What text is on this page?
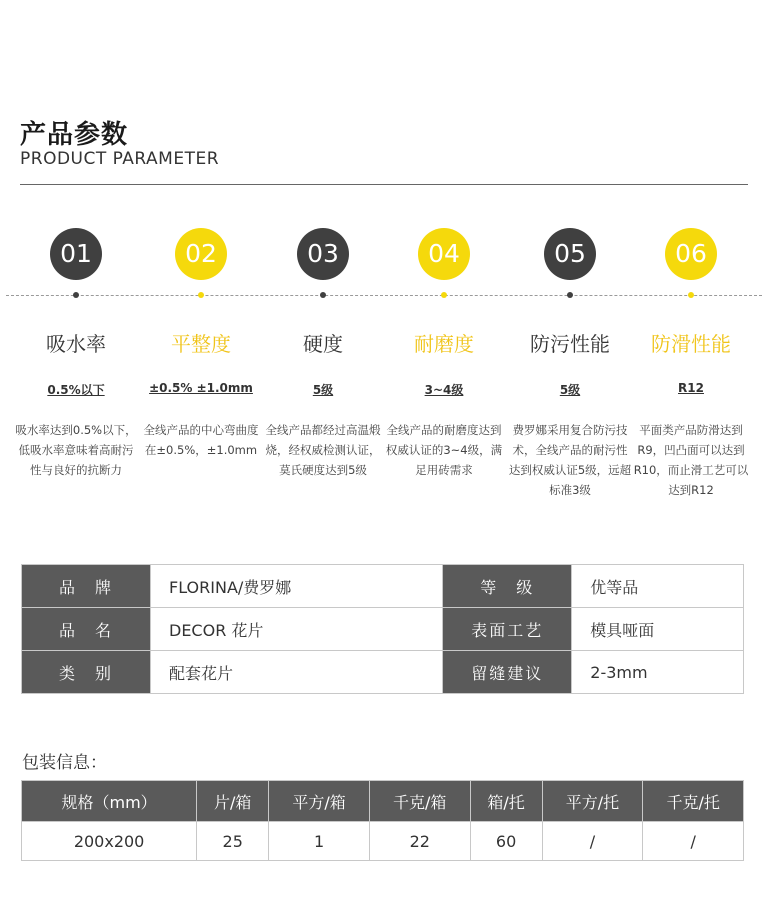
产品参数
PRODUCT PARAMETER
01
吸水率
0.5%以下
吸水率达到0.5%以下，低吸水率意味着高耐污性与良好的抗断力
02
平整度
±0.5% ±1.0mm
全线产品的中心弯曲度在±0.5%，±1.0mm
03
硬度
5级
全线产品都经过高温煅烧，经权威检测认证，莫氏硬度达到5级
04
耐磨度
3~4级
全线产品的耐磨度达到权威认证的3~4级，满足用砖需求
05
防污性能
5级
费罗娜采用复合防污技术，全线产品的耐污性达到权威认证5级，远超标准3级
06
防滑性能
R12
平面类产品防滑达到R9，凹凸面可以达到R10，而止滑工艺可以达到R12
品　牌	FLORINA/费罗娜	等　级	优等品
品　名	DECOR 花片	表面工艺	模具哑面
类　别	配套花片	留缝建议	2-3mm
包装信息：
规格（mm）	片/箱	平方/箱	千克/箱	箱/托	平方/托	千克/托
200x200	25	1	22	60	/	/
